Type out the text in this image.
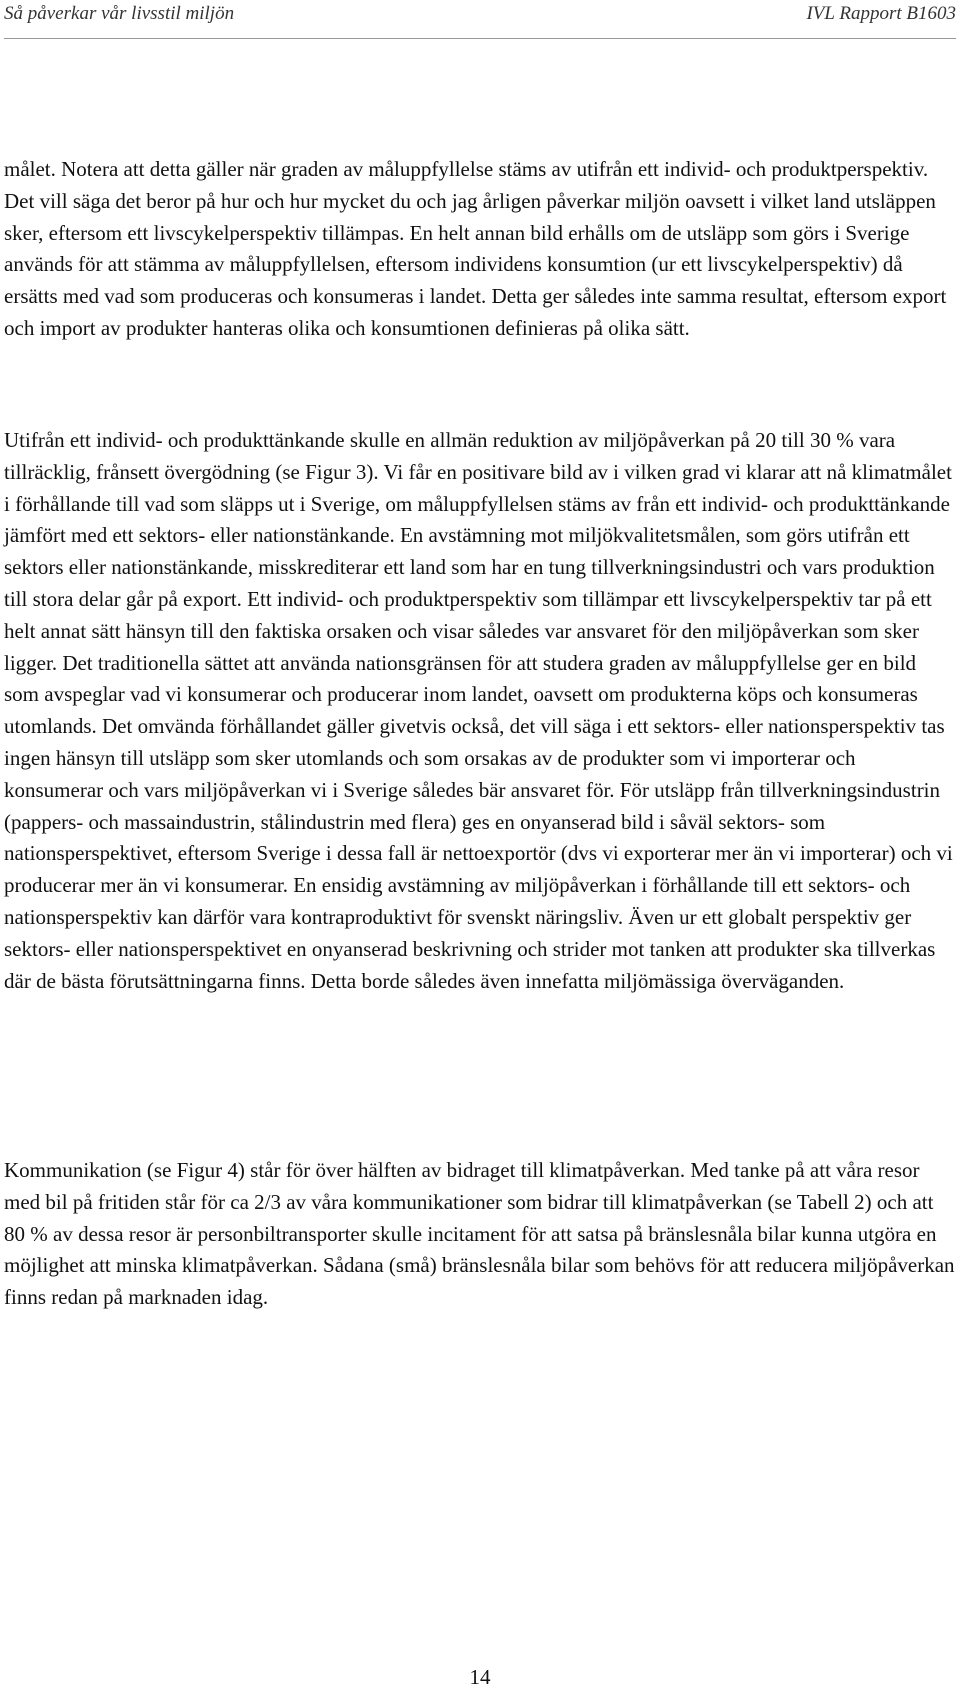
Så påverkar vår livsstil miljön	IVL Rapport B1603

målet. Notera att detta gäller när graden av måluppfyllelse stäms av utifrån ett individ- och produktperspektiv. Det vill säga det beror på hur och hur mycket du och jag årligen påverkar miljön oavsett i vilket land utsläppen sker, eftersom ett livscykelperspektiv tillämpas. En helt annan bild erhålls om de utsläpp som görs i Sverige används för att stämma av måluppfyllelsen, eftersom individens konsumtion (ur ett livscykelperspektiv) då ersätts med vad som produceras och konsumeras i landet. Detta ger således inte samma resultat, eftersom export och import av produkter hanteras olika och konsumtionen definieras på olika sätt.

Utifrån ett individ- och produkttänkande skulle en allmän reduktion av miljöpåverkan på 20 till 30 % vara tillräcklig, frånsett övergödning (se Figur 3). Vi får en positivare bild av i vilken grad vi klarar att nå klimatmålet i förhållande till vad som släpps ut i Sverige, om måluppfyllelsen stäms av från ett individ- och produkttänkande jämfört med ett sektors- eller nationstänkande. En avstämning mot miljökvalitetsmålen, som görs utifrån ett sektors eller nationstänkande, misskrediterar ett land som har en tung tillverkningsindustri och vars produktion till stora delar går på export. Ett individ- och produktperspektiv som tillämpar ett livscykelperspektiv tar på ett helt annat sätt hänsyn till den faktiska orsaken och visar således var ansvaret för den miljöpåverkan som sker ligger. Det traditionella sättet att använda nationsgränsen för att studera graden av måluppfyllelse ger en bild som avspeglar vad vi konsumerar och producerar inom landet, oavsett om produkterna köps och konsumeras utomlands. Det omvända förhållandet gäller givetvis också, det vill säga i ett sektors- eller nationsperspektiv tas ingen hänsyn till utsläpp som sker utomlands och som orsakas av de produkter som vi importerar och konsumerar och vars miljöpåverkan vi i Sverige således bär ansvaret för. För utsläpp från tillverkningsindustrin (pappers- och massaindustrin, stålindustrin med flera) ges en onyanserad bild i såväl sektors- som nationsperspektivet, eftersom Sverige i dessa fall är nettoexportör (dvs vi exporterar mer än vi importerar) och vi producerar mer än vi konsumerar. En ensidig avstämning av miljöpåverkan i förhållande till ett sektors- och nationsperspektiv kan därför vara kontraproduktivt för svenskt näringsliv. Även ur ett globalt perspektiv ger sektors- eller nationsperspektivet en onyanserad beskrivning och strider mot tanken att produkter ska tillverkas där de bästa förutsättningarna finns. Detta borde således även innefatta miljömässiga överväganden.

Kommunikation (se Figur 4) står för över hälften av bidraget till klimatpåverkan. Med tanke på att våra resor med bil på fritiden står för ca 2/3 av våra kommunikationer som bidrar till klimatpåverkan (se Tabell 2) och att 80 % av dessa resor är personbiltransporter skulle incitament för att satsa på bränslesnåla bilar kunna utgöra en möjlighet att minska klimatpåverkan. Sådana (små) bränslesnåla bilar som behövs för att reducera miljöpåverkan finns redan på marknaden idag.

14
